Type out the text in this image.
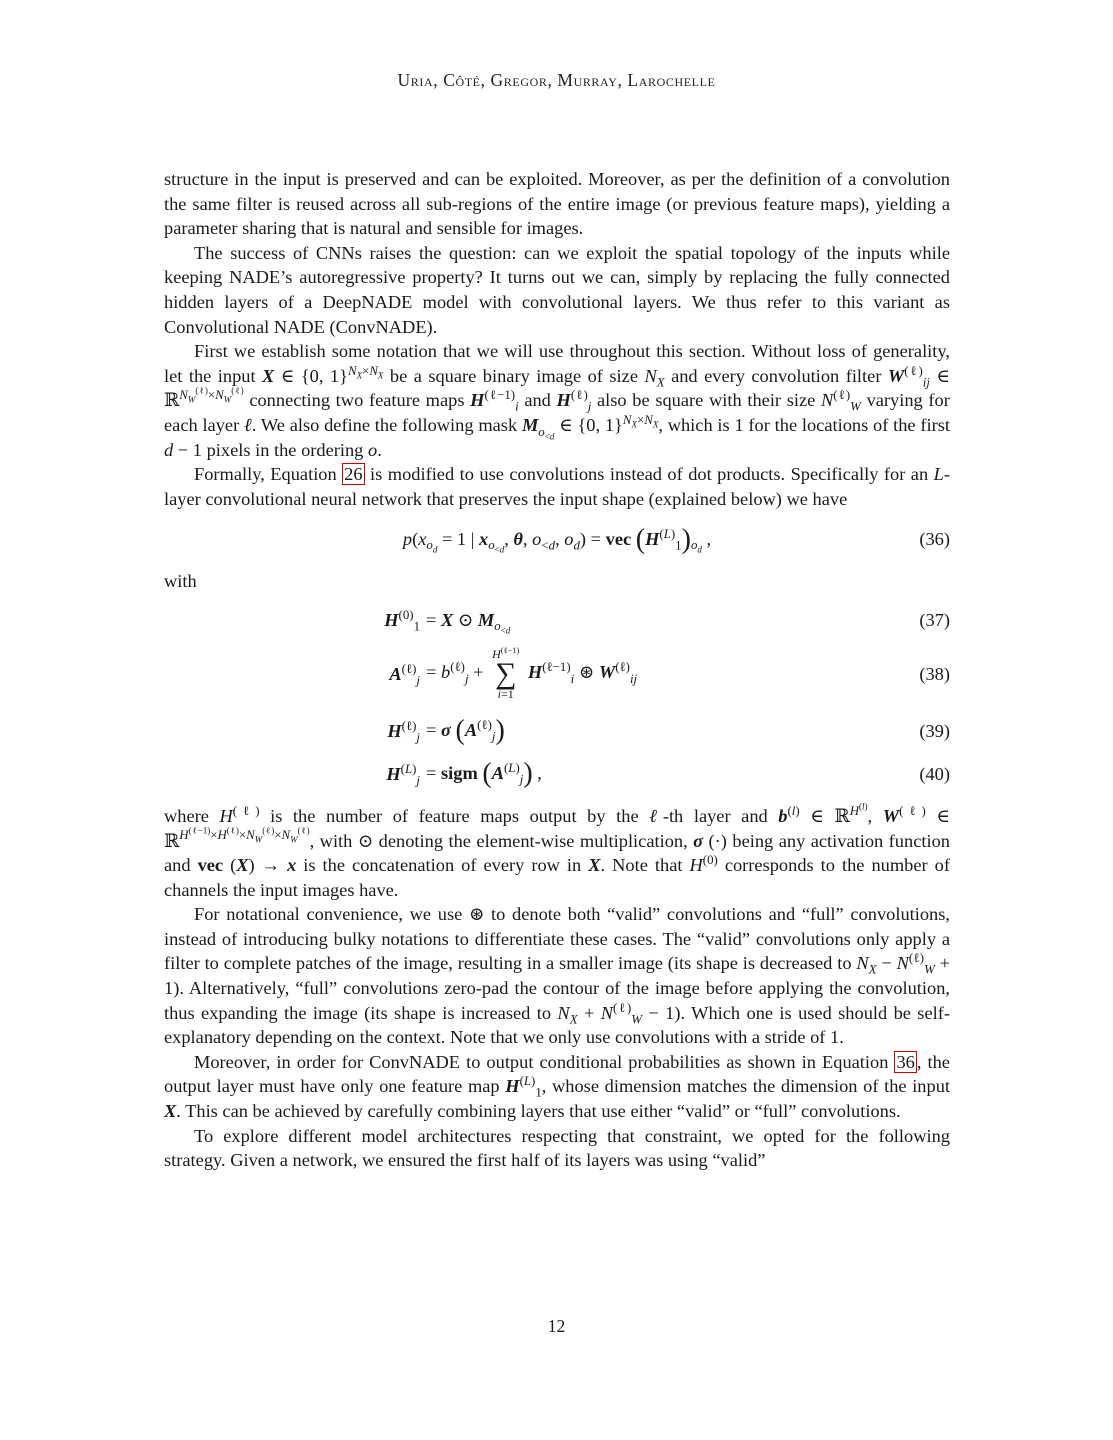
Uria, Côté, Gregor, Murray, Larochelle

structure in the input is preserved and can be exploited. Moreover, as per the definition of a convolution the same filter is reused across all sub-regions of the entire image (or previous feature maps), yielding a parameter sharing that is natural and sensible for images.

The success of CNNs raises the question: can we exploit the spatial topology of the inputs while keeping NADE’s autoregressive property? It turns out we can, simply by replacing the fully connected hidden layers of a DeepNADE model with convolutional layers. We thus refer to this variant as Convolutional NADE (ConvNADE).

First we establish some notation that we will use throughout this section. Without loss of generality, let the input X ∈ {0, 1}$^{N_X\times N_X}$ be a square binary image of size $N_X$ and every convolution filter $W^{(\ell)}_{ij}$ ∈ ℝ$^{N_W^{(\ell)}\times N_W^{(\ell)}}$ connecting two feature maps $H^{(\ell-1)}_i$ and $H^{(\ell)}_j$ also be square with their size $N^{(\ell)}_W$ varying for each layer ℓ. We also define the following mask $M_{o_{<d}}$ ∈ {0, 1}$^{N_X\times N_X}$, which is 1 for the locations of the first d − 1 pixels in the ordering o.

Formally, Equation 26 is modified to use convolutions instead of dot products. Specifically for an L-layer convolutional neural network that preserves the input shape (explained below) we have

$p(x_{o_d} = 1$ | $x_{o_{<d}}$, θ, $o_{<d}$, $o_d$) = vec $(H^{(L)}_1)_{o_d}$ ,	(36)

with

$H^{(0)}_1 = X$ ⊙ $M_{o_{<d}}$
(37)
$A^{(\ell)}_j = b^{(\ell)}_j$ +
$H^{(\ell-1)}$
∑
i=1
$H^{(\ell-1)}_i$ ⊛ $W^{(\ell)}_{ij}$	(38)
$H^{(\ell)}_j = \sigma$ $(A^{(\ell)}_j)$	(39)
$H^{(L)}_j$ = sigm $(A^{(L)}_j)$ ,	(40)

where $H^{(\ell)}$ is the number of feature maps output by the ℓ-th layer and $b^{(l)}$ ∈ ℝ$^{H^{(l)}}$, $W^{(\ell)}$ ∈ ℝ$^{H^{(\ell-1)}\times H^{(\ell)}\times N_W^{(\ell)}\times N_W^{(\ell)}}$, with ⊙ denoting the element-wise multiplication, σ (·) being any activation function and vec (X) → x is the concatenation of every row in X. Note that $H^{(0)}$ corresponds to the number of channels the input images have.

For notational convenience, we use ⊛ to denote both “valid” convolutions and “full” convolutions, instead of introducing bulky notations to differentiate these cases. The “valid” convolutions only apply a filter to complete patches of the image, resulting in a smaller image (its shape is decreased to $N_X - N^{(\ell)}_W + 1$). Alternatively, “full” convolutions zero-pad the contour of the image before applying the convolution, thus expanding the image (its shape is increased to $N_X + N^{(\ell)}_W - 1$). Which one is used should be self-explanatory depending on the context. Note that we only use convolutions with a stride of 1.

Moreover, in order for ConvNADE to output conditional probabilities as shown in Equation 36 , the output layer must have only one feature map $H^{(L)}_1$, whose dimension matches the dimension of the input X. This can be achieved by carefully combining layers that use either “valid” or “full” convolutions.

To explore different model architectures respecting that constraint, we opted for the following strategy. Given a network, we ensured the first half of its layers was using “valid”

12
